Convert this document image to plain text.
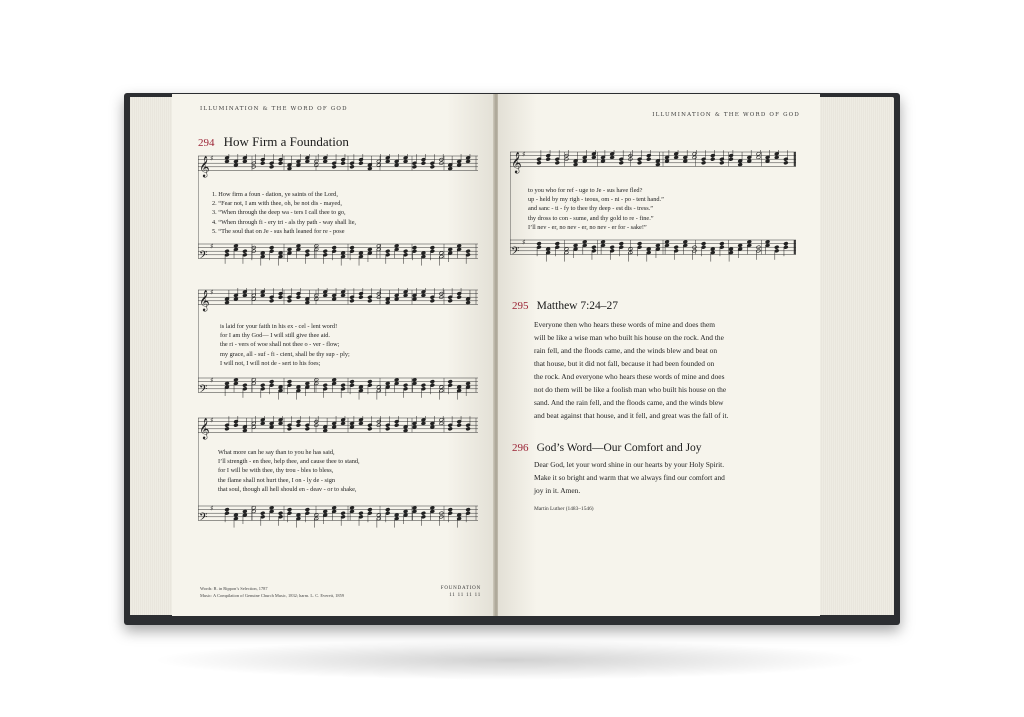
ILLUMINATION & THE WORD OF GOD
294 How Firm a Foundation
𝄞 ♯
𝄢
♯
1. How firm a foun - dation, ye saints of the Lord,
2. “Fear not, I am with thee, oh, be not dis - mayed,
3. “When through the deep wa - ters I call thee to go,
4. “When through fi - ery tri - als thy path - way shall lie,
5. “The soul that on Je - sus hath leaned for re - pose
𝄞 ♯
𝄢
♯
is laid for your faith in his ex - cel - lent word!
for I am thy God— I will still give thee aid.
the ri - vers of woe shall not thee o - ver - flow;
my grace, all - suf - fi - cient, shall be thy sup - ply;
I will not, I will not de - sert to his foes;
𝄞 ♯
𝄢
♯
What more can he say than to you he has said,
I’ll strength - en thee, help thee, and cause thee to stand,
for I will be with thee, thy trou - bles to bless,
the flame shall not hurt thee, I on - ly de - sign
that soul, though all hell should en - deav - or to shake,
Words: R. in Rippon’s Selection, 1787
Music: A Compilation of Genuine Church Music, 1832; harm. L. C. Everett, 1859
FOUNDATION
11 11 11 11
ILLUMINATION & THE WORD OF GOD
𝄞 ♯
𝄢
♯
to you who for ref - uge to Je - sus have fled?
up - held by my righ - teous, om - ni - po - tent hand.”
and sanc - ti - fy to thee thy deep - est dis - tress.”
thy dross to con - sume, and thy gold to re - fine.”
I’ll nev - er, no nev - er, no nev - er for - sake!”
295 Matthew 7:24–27
Everyone then who hears these words of mine and does them
will be like a wise man who built his house on the rock. And the
rain fell, and the floods came, and the winds blew and beat on
that house, but it did not fall, because it had been founded on
the rock. And everyone who hears these words of mine and does
not do them will be like a foolish man who built his house on the
sand. And the rain fell, and the floods came, and the winds blew
and beat against that house, and it fell, and great was the fall of it.
296 God’s Word—Our Comfort and Joy
Dear God, let your word shine in our hearts by your Holy Spirit.
Make it so bright and warm that we always find our comfort and
joy in it. Amen.
Martin Luther (1483–1546)
